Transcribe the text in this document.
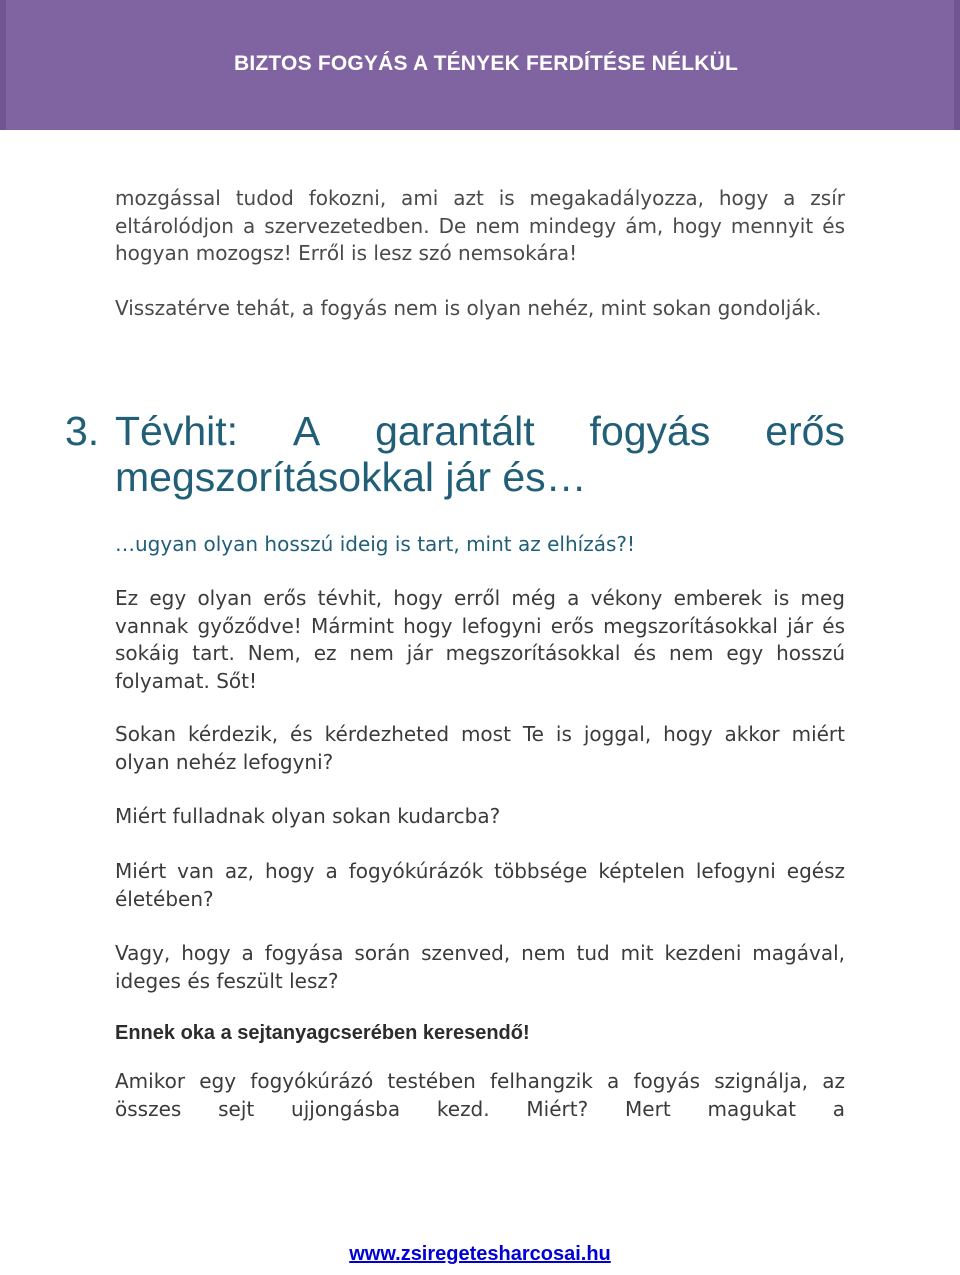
BIZTOS FOGYÁS A TÉNYEK FERDÍTÉSE NÉLKÜL

mozgással tudod fokozni, ami azt is megakadályozza, hogy a zsír eltárolódjon a szervezetedben. De nem mindegy ám, hogy mennyit és hogyan mozogsz! Erről is lesz szó nemsokára!

Visszatérve tehát, a fogyás nem is olyan nehéz, mint sokan gondolják.

3. Tévhit: A garantált fogyás erős
megszorításokkal jár és…
…ugyan olyan hosszú ideig is tart, mint az elhízás?!

Ez egy olyan erős tévhit, hogy erről még a vékony emberek is meg vannak győződve! Mármint hogy lefogyni erős megszorításokkal jár és sokáig tart. Nem, ez nem jár megszorításokkal és nem egy hosszú folyamat. Sőt!

Sokan kérdezik, és kérdezheted most Te is joggal, hogy akkor miért olyan nehéz lefogyni?

Miért fulladnak olyan sokan kudarcba?

Miért van az, hogy a fogyókúrázók többsége képtelen lefogyni egész életében?

Vagy, hogy a fogyása során szenved, nem tud mit kezdeni magával, ideges és feszült lesz?

Ennek oka a sejtanyagcserében keresendő!

Amikor egy fogyókúrázó testében felhangzik a fogyás szignálja, az összes sejt ujjongásba kezd. Miért? Mert magukat a

www.zsiregetesharcosai.hu
